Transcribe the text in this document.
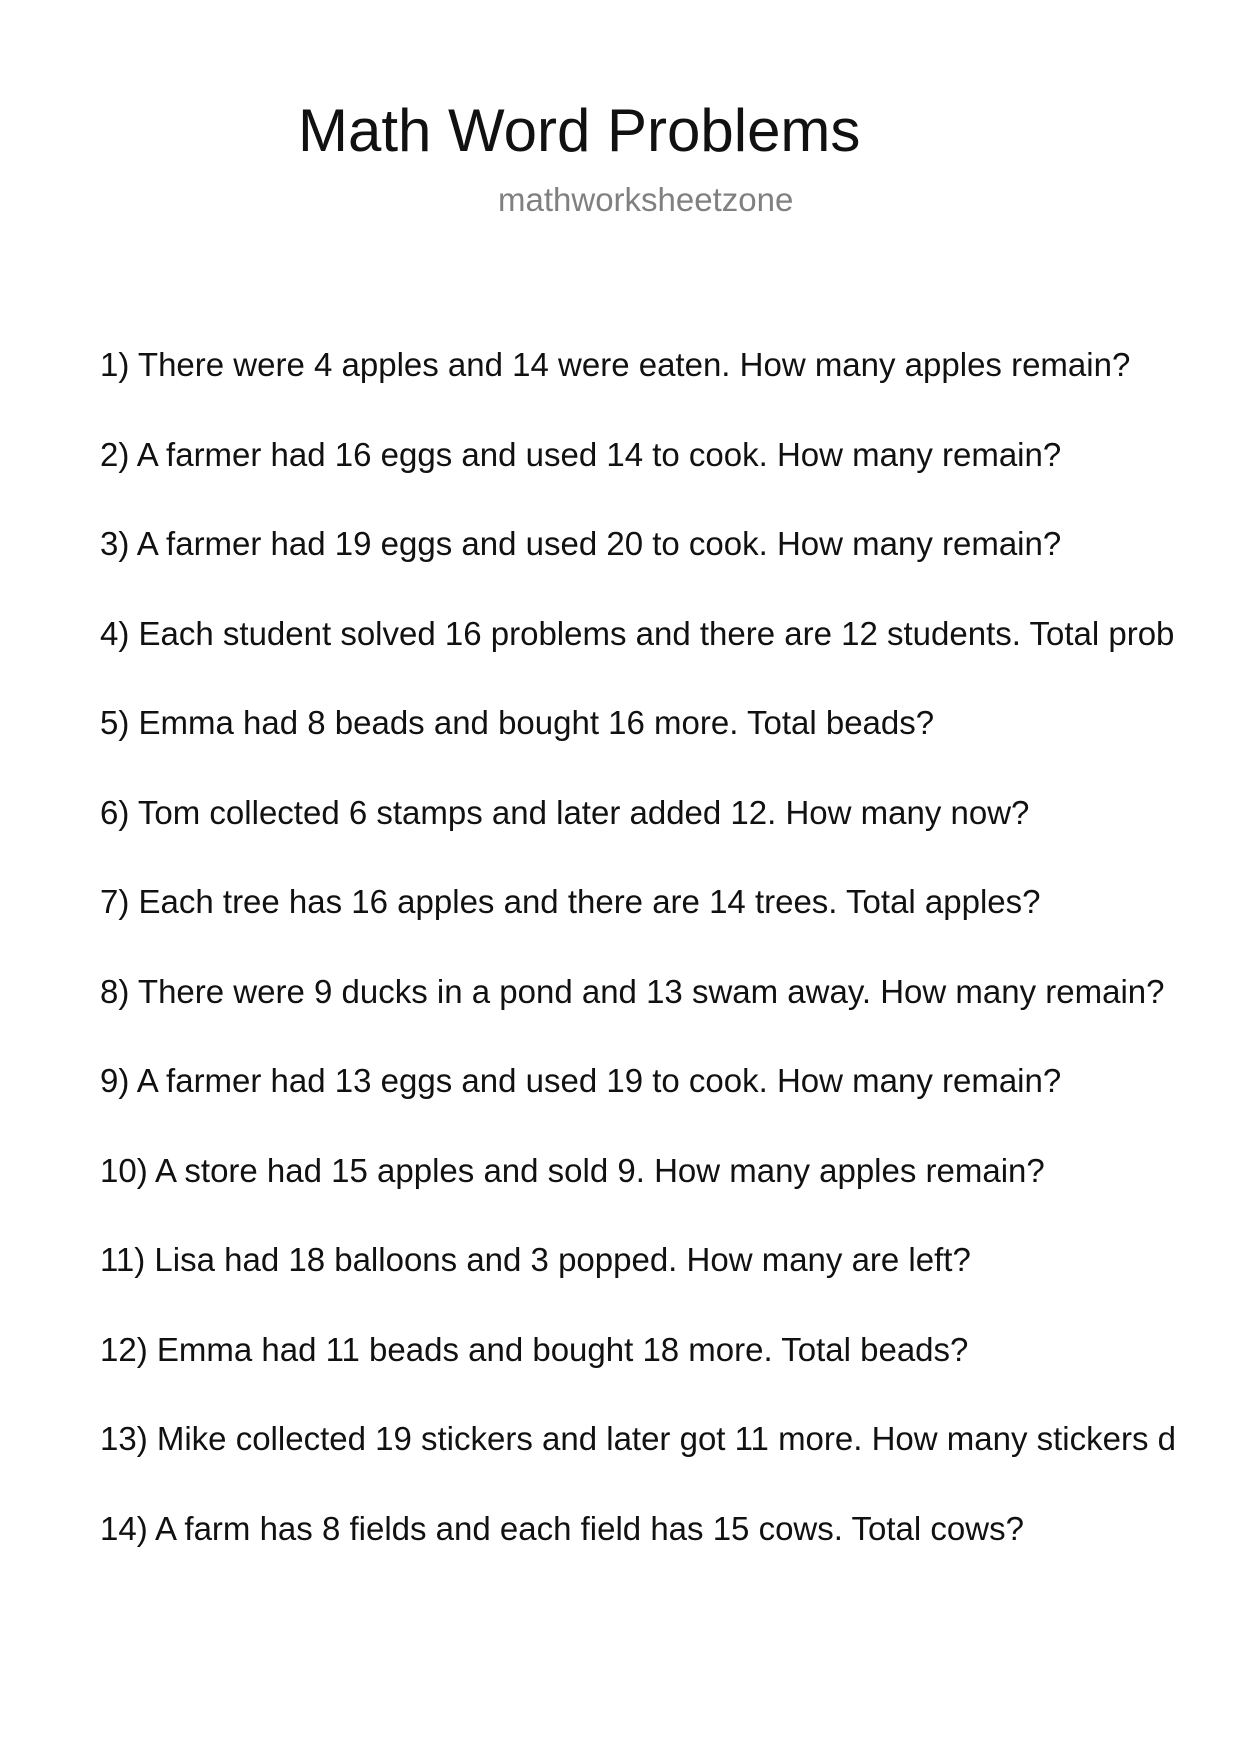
Math Word Problems
mathworksheetzone
1) There were 4 apples and 14 were eaten. How many apples remain?
2) A farmer had 16 eggs and used 14 to cook. How many remain?
3) A farmer had 19 eggs and used 20 to cook. How many remain?
4) Each student solved 16 problems and there are 12 students. Total prob
5) Emma had 8 beads and bought 16 more. Total beads?
6) Tom collected 6 stamps and later added 12. How many now?
7) Each tree has 16 apples and there are 14 trees. Total apples?
8) There were 9 ducks in a pond and 13 swam away. How many remain?
9) A farmer had 13 eggs and used 19 to cook. How many remain?
10) A store had 15 apples and sold 9. How many apples remain?
11) Lisa had 18 balloons and 3 popped. How many are left?
12) Emma had 11 beads and bought 18 more. Total beads?
13) Mike collected 19 stickers and later got 11 more. How many stickers d
14) A farm has 8 fields and each field has 15 cows. Total cows?
